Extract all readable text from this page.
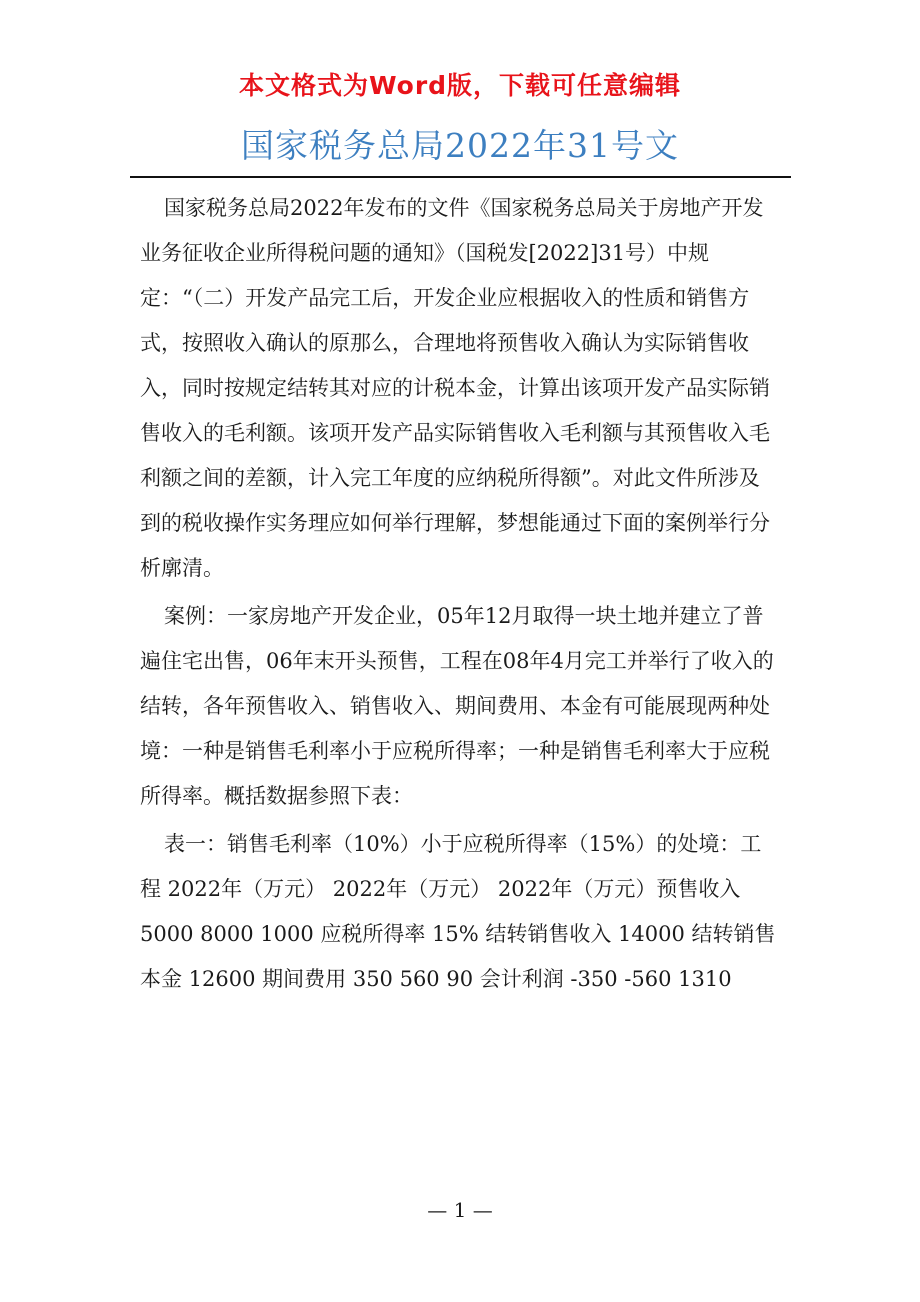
本文格式为Word版，下载可任意编辑
国家税务总局2022年31号文

国家税务总局2022年发布的文件《国家税务总局关于房地产开发业务征收企业所得税问题的通知》（国税发[2022]31号）中规定：“（二）开发产品完工后，开发企业应根据收入的性质和销售方式，按照收入确认的原那么，合理地将预售收入确认为实际销售收入，同时按规定结转其对应的计税本金，计算出该项开发产品实际销售收入的毛利额。该项开发产品实际销售收入毛利额与其预售收入毛利额之间的差额，计入完工年度的应纳税所得额”。对此文件所涉及到的税收操作实务理应如何举行理解，梦想能通过下面的案例举行分析廓清。

案例：一家房地产开发企业，05年12月取得一块土地并建立了普遍住宅出售，06年末开头预售，工程在08年4月完工并举行了收入的结转，各年预售收入、销售收入、期间费用、本金有可能展现两种处境：一种是销售毛利率小于应税所得率；一种是销售毛利率大于应税所得率。概括数据参照下表：

表一：销售毛利率（10%）小于应税所得率（15%）的处境：工程 2022年（万元） 2022年（万元） 2022年（万元）预售收入 5000 8000 1000 应税所得率 15% 结转销售收入 14000 结转销售本金 12600 期间费用 350 560 90 会计利润 -350 -560 1310

— 1 —
